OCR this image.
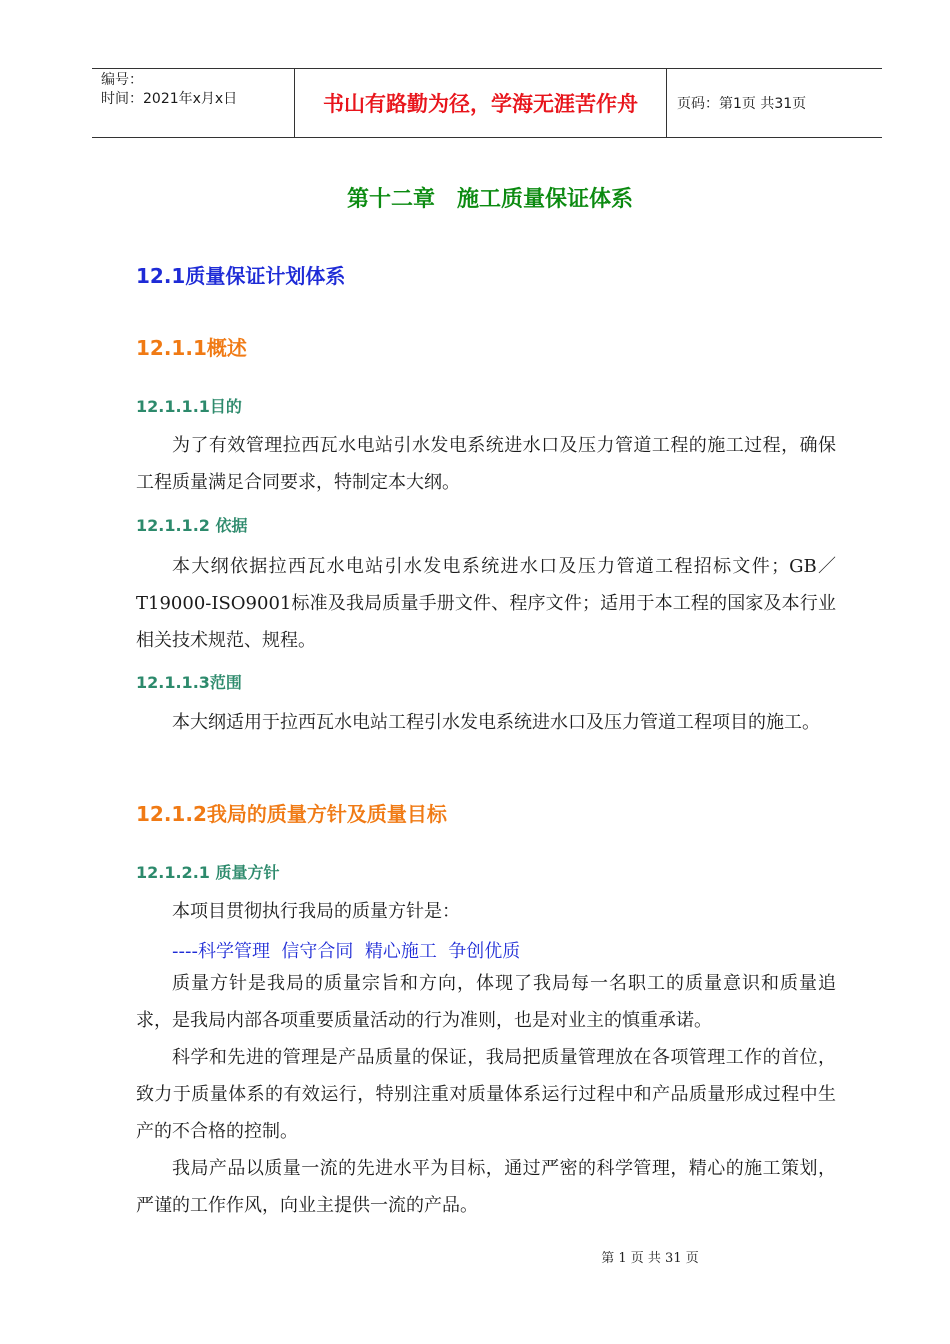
编号：
时间：2021年x月x日	书山有路勤为径，学海无涯苦作舟	页码：第1页 共31页
第十二章 施工质量保证体系
12.1质量保证计划体系
12.1.1概述
12.1.1.1目的

为了有效管理拉西瓦水电站引水发电系统进水口及压力管道工程的施工过程，确保工程质量满足合同要求，特制定本大纲。

12.1.1.2 依据

本大纲依据拉西瓦水电站引水发电系统进水口及压力管道工程招标文件；GB／T19000-ISO9001标准及我局质量手册文件、程序文件；适用于本工程的国家及本行业相关技术规范、规程。

12.1.1.3范围

本大纲适用于拉西瓦水电站工程引水发电系统进水口及压力管道工程项目的施工。

12.1.2我局的质量方针及质量目标
12.1.2.1 质量方针

本项目贯彻执行我局的质量方针是：

----科学管理  信守合同  精心施工  争创优质

质量方针是我局的质量宗旨和方向，体现了我局每一名职工的质量意识和质量追求，是我局内部各项重要质量活动的行为准则，也是对业主的慎重承诺。

科学和先进的管理是产品质量的保证，我局把质量管理放在各项管理工作的首位，致力于质量体系的有效运行，特别注重对质量体系运行过程中和产品质量形成过程中生产的不合格的控制。

我局产品以质量一流的先进水平为目标，通过严密的科学管理，精心的施工策划，严谨的工作作风，向业主提供一流的产品。

第 1 页 共 31 页
